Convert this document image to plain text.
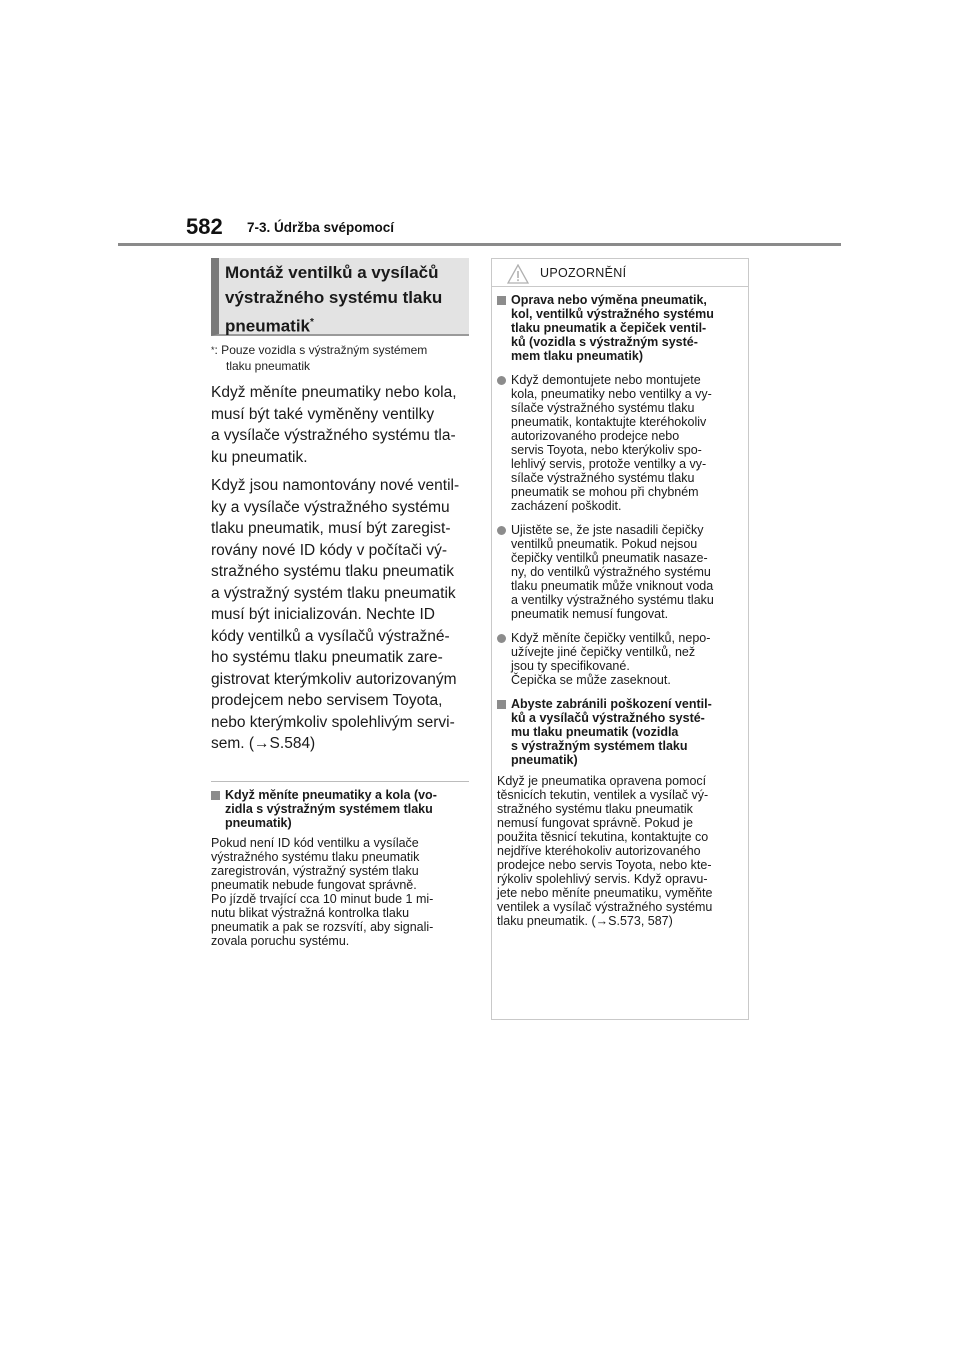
582 7-3. Údržba svépomocí
Montáž ventilků a vysílačů
výstražného systému tlaku
pneumatik*
*: Pouze vozidla s výstražným systémem
tlaku pneumatik
Když měníte pneumatiky nebo kola,
musí být také vyměněny ventilky
a vysílače výstražného systému tla-
ku pneumatik.
Když jsou namontovány nové ventil-
ky a vysílače výstražného systému
tlaku pneumatik, musí být zaregist-
rovány nové ID kódy v počítači vý-
stražného systému tlaku pneumatik
a výstražný systém tlaku pneumatik
musí být inicializován. Nechte ID
kódy ventilků a vysílačů výstražné-
ho systému tlaku pneumatik zare-
gistrovat kterýmkoliv autorizovaným
prodejcem nebo servisem Toyota,
nebo kterýmkoliv spolehlivým servi-
sem. (→S.584)
Když měníte pneumatiky a kola (vo-
zidla s výstražným systémem tlaku
pneumatik)
Pokud není ID kód ventilku a vysílače
výstražného systému tlaku pneumatik
zaregistrován, výstražný systém tlaku
pneumatik nebude fungovat správně.
Po jízdě trvající cca 10 minut bude 1 mi-
nutu blikat výstražná kontrolka tlaku
pneumatik a pak se rozsvítí, aby signali-
zovala poruchu systému.
UPOZORNĚNÍ
Oprava nebo výměna pneumatik,
kol, ventilků výstražného systému
tlaku pneumatik a čepiček ventil-
ků (vozidla s výstražným systé-
mem tlaku pneumatik)
Když demontujete nebo montujete
kola, pneumatiky nebo ventilky a vy-
sílače výstražného systému tlaku
pneumatik, kontaktujte kteréhokoliv
autorizovaného prodejce nebo
servis Toyota, nebo kterýkoliv spo-
lehlivý servis, protože ventilky a vy-
sílače výstražného systému tlaku
pneumatik se mohou při chybném
zacházení poškodit.
Ujistěte se, že jste nasadili čepičky
ventilků pneumatik. Pokud nejsou
čepičky ventilků pneumatik nasaze-
ny, do ventilků výstražného systému
tlaku pneumatik může vniknout voda
a ventilky výstražného systému tlaku
pneumatik nemusí fungovat.
Když měníte čepičky ventilků, nepo-
užívejte jiné čepičky ventilků, než
jsou ty specifikované.
Čepička se může zaseknout.
Abyste zabránili poškození ventil-
ků a vysílačů výstražného systé-
mu tlaku pneumatik (vozidla
s výstražným systémem tlaku
pneumatik)
Když je pneumatika opravena pomocí
těsnicích tekutin, ventilek a vysílač vý-
stražného systému tlaku pneumatik
nemusí fungovat správně. Pokud je
použita těsnicí tekutina, kontaktujte co
nejdříve kteréhokoliv autorizovaného
prodejce nebo servis Toyota, nebo kte-
rýkoliv spolehlivý servis. Když opravu-
jete nebo měníte pneumatiku, vyměňte
ventilek a vysílač výstražného systému
tlaku pneumatik. (→S.573, 587)
